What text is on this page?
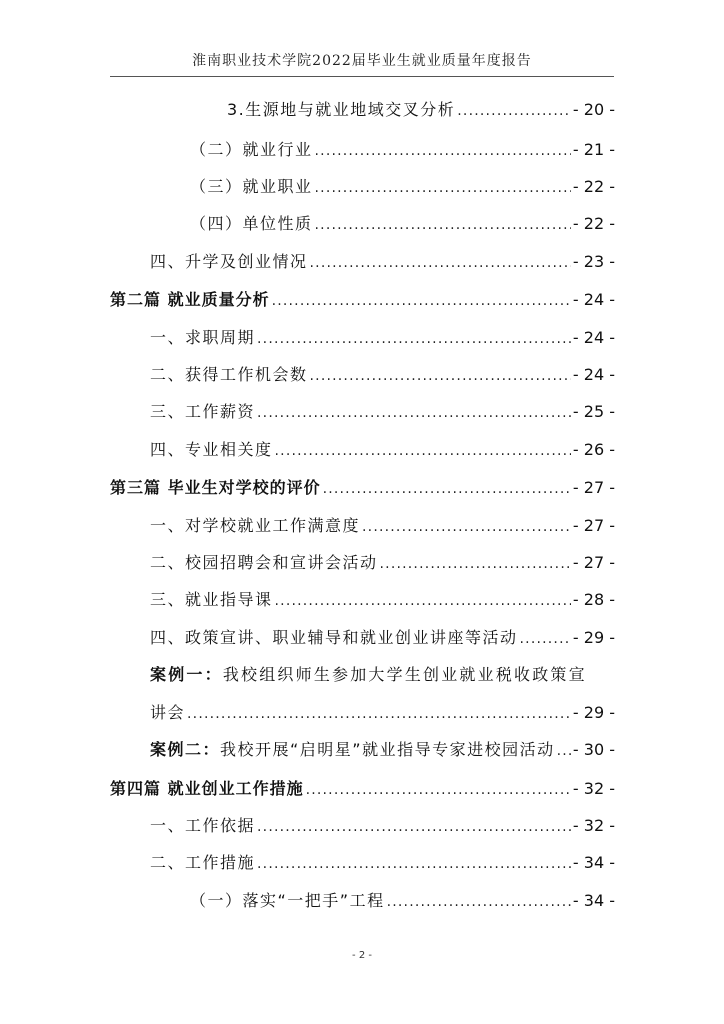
淮南职业技术学院2022届毕业生就业质量年度报告
3.生源地与就业地域交叉分析 .....	- 20 -
（二）就业行业 .....	- 21 -
（三）就业职业 .....	- 22 -
（四）单位性质 .....	- 22 -
四、升学及创业情况 .....	- 23 -
第二篇 就业质量分析 .....	- 24 -
一、求职周期 .....	- 24 -
二、获得工作机会数 .....	- 24 -
三、工作薪资 .....	- 25 -
四、专业相关度 .....	- 26 -
第三篇 毕业生对学校的评价 .....	- 27 -
一、对学校就业工作满意度 .....	- 27 -
二、校园招聘会和宣讲会活动 .....	- 27 -
三、就业指导课 .....	- 28 -
四、政策宣讲、职业辅导和就业创业讲座等活动 .....	- 29 -
案例一：我校组织师生参加大学生创业就业税收政策宣
讲会 .....	- 29 -
案例二：我校开展“启明星”就业指导专家进校园活动 ..... - 30 -
第四篇 就业创业工作措施 .....	- 32 -
一、工作依据 .....	- 32 -
二、工作措施 .....	- 34 -
（一）落实“一把手”工程 .....	- 34 -
- 2 -
